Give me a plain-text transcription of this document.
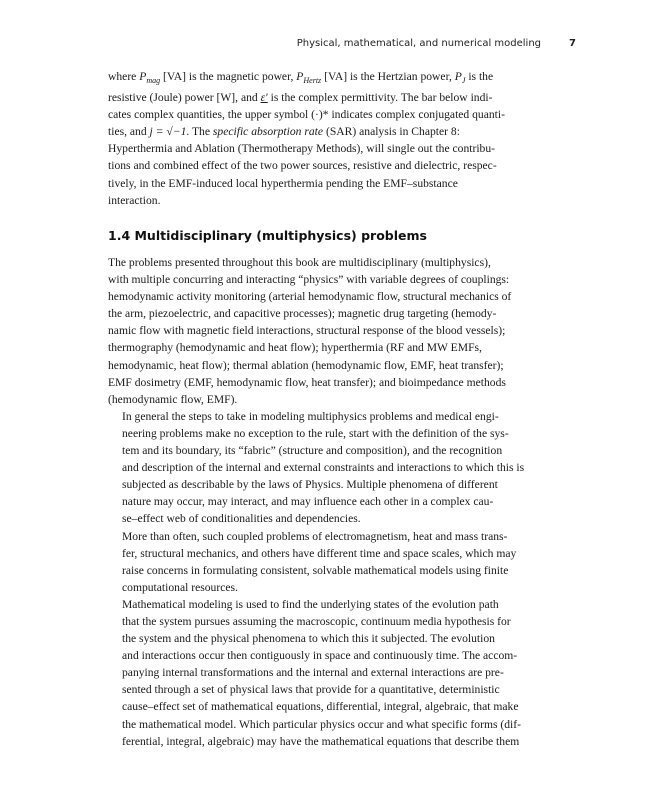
Physical, mathematical, and numerical modeling	7
where $P_{mag}$ [VA] is the magnetic power, $P_{Hertz}$ [VA] is the Hertzian power, $P_J$ is the
resistive (Joule) power [W], and ε′ is the complex permittivity. The bar below indi-
cates complex quantities, the upper symbol (·)* indicates complex conjugated quanti-
ties, and j = √−1. The specific absorption rate (SAR) analysis in Chapter 8:
Hyperthermia and Ablation (Thermotherapy Methods), will single out the contribu-
tions and combined effect of the two power sources, resistive and dielectric, respec-
tively, in the EMF-induced local hyperthermia pending the EMF–substance
interaction.
1.4 Multidisciplinary (multiphysics) problems

The problems presented throughout this book are multidisciplinary (multiphysics),
with multiple concurring and interacting “physics” with variable degrees of couplings:
hemodynamic activity monitoring (arterial hemodynamic flow, structural mechanics of
the arm, piezoelectric, and capacitive processes); magnetic drug targeting (hemody-
namic flow with magnetic field interactions, structural response of the blood vessels);
thermography (hemodynamic and heat flow); hyperthermia (RF and MW EMFs,
hemodynamic, heat flow); thermal ablation (hemodynamic flow, EMF, heat transfer);
EMF dosimetry (EMF, hemodynamic flow, heat transfer); and bioimpedance methods
(hemodynamic flow, EMF).

In general the steps to take in modeling multiphysics problems and medical engi-
neering problems make no exception to the rule, start with the definition of the sys-
tem and its boundary, its “fabric” (structure and composition), and the recognition
and description of the internal and external constraints and interactions to which this is
subjected as describable by the laws of Physics. Multiple phenomena of different
nature may occur, may interact, and may influence each other in a complex cau-
se–effect web of conditionalities and dependencies.

More than often, such coupled problems of electromagnetism, heat and mass trans-
fer, structural mechanics, and others have different time and space scales, which may
raise concerns in formulating consistent, solvable mathematical models using finite
computational resources.

Mathematical modeling is used to find the underlying states of the evolution path
that the system pursues assuming the macroscopic, continuum media hypothesis for
the system and the physical phenomena to which this it subjected. The evolution
and interactions occur then contiguously in space and continuously time. The accom-
panying internal transformations and the internal and external interactions are pre-
sented through a set of physical laws that provide for a quantitative, deterministic
cause–effect set of mathematical equations, differential, integral, algebraic, that make
the mathematical model. Which particular physics occur and what specific forms (dif-
ferential, integral, algebraic) may have the mathematical equations that describe them
